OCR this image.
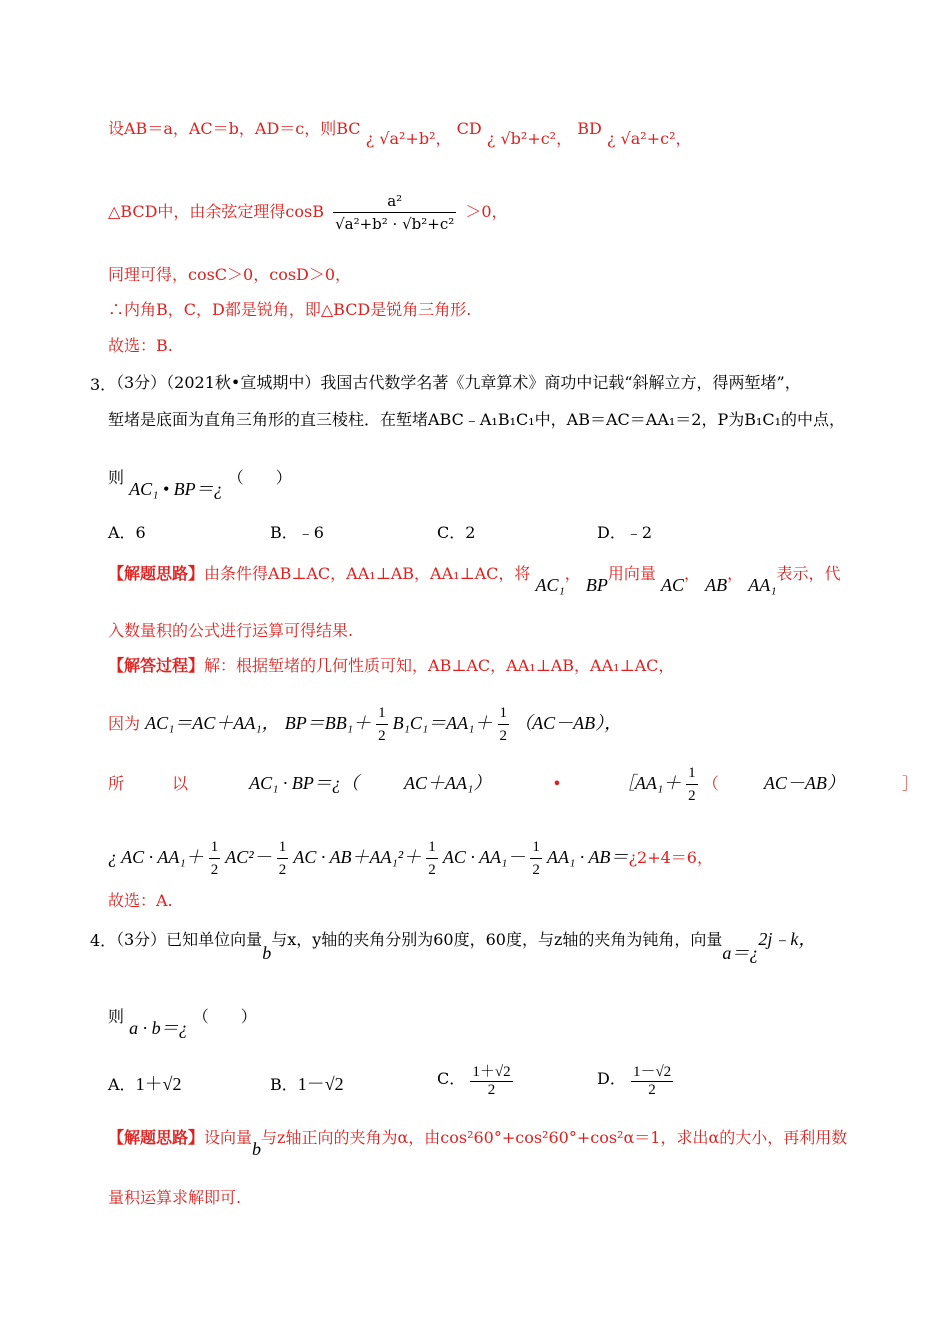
设AB＝a，AC＝b，AD＝c，则BC ¿ √a²+b²， CD ¿ √b²+c²， BD ¿ √a²+c²，
△BCD中，由余弦定理得cosB $\frac{\text{a²}}{\text{√a²+b² · √b²+c²}} >0$，
同理可得，cosC＞0，cosD＞0，
∴内角B，C，D都是锐角，即△BCD是锐角三角形.
故选：B.
3．
（3分）（2021秋•宣城期中）我国古代数学名著《九章算术》商功中记载“斜解立方，得两堑堵”，
堑堵是底面为直角三角形的直三棱柱．在堑堵ABC﹣A₁B₁C₁中，AB＝AC＝AA₁＝2，P为B₁C₁的中点，
则 AC₁ • BP＝¿ （　　）
A．6	B．﹣6	C．2	D．﹣2
【解题思路】由条件得AB⊥AC，AA₁⊥AB，AA₁⊥AC，将 AC₁， BP用向量 AC， AB， AA₁表示，代
入数量积的公式进行运算可得结果.
【解答过程】解：根据堑堵的几何性质可知，AB⊥AC，AA₁⊥AB，AA₁⊥AC，
因为 AC₁＝AC＋AA₁， $BP=BB_1+ \frac{1}{2} B_1C_1=AA_1+ \frac{1}{2} (AC-AB)$，
所　　　以	AC₁ · BP＝¿（	AC＋AA₁）	•	［AA₁＋ $\frac{1}{2}$ （	AC－AB）	］
¿ AC · $AA_1+ \frac{1}{2} AC^2- \frac{1}{2}$ AC · $AB+AA_1^2+ \frac{1}{2}$ AC · $AA_1- \frac{1}{2} AA_1$ · AB＝¿2+4＝6，
故选：A.
4．
（3分）已知单位向量b与x，y轴的夹角分别为60度，60度，与z轴的夹角为钝角，向量a＝¿2j﹣k，
则 a · b＝¿ （　　）
A．1＋√2	B．1－√2	C． $\frac{1+√2}{2}$	D． $\frac{1-√2}{2}$
【解题思路】设向量b与z轴正向的夹角为α，由cos²60°+cos²60°+cos²α＝1，求出α的大小，再利用数
量积运算求解即可.
